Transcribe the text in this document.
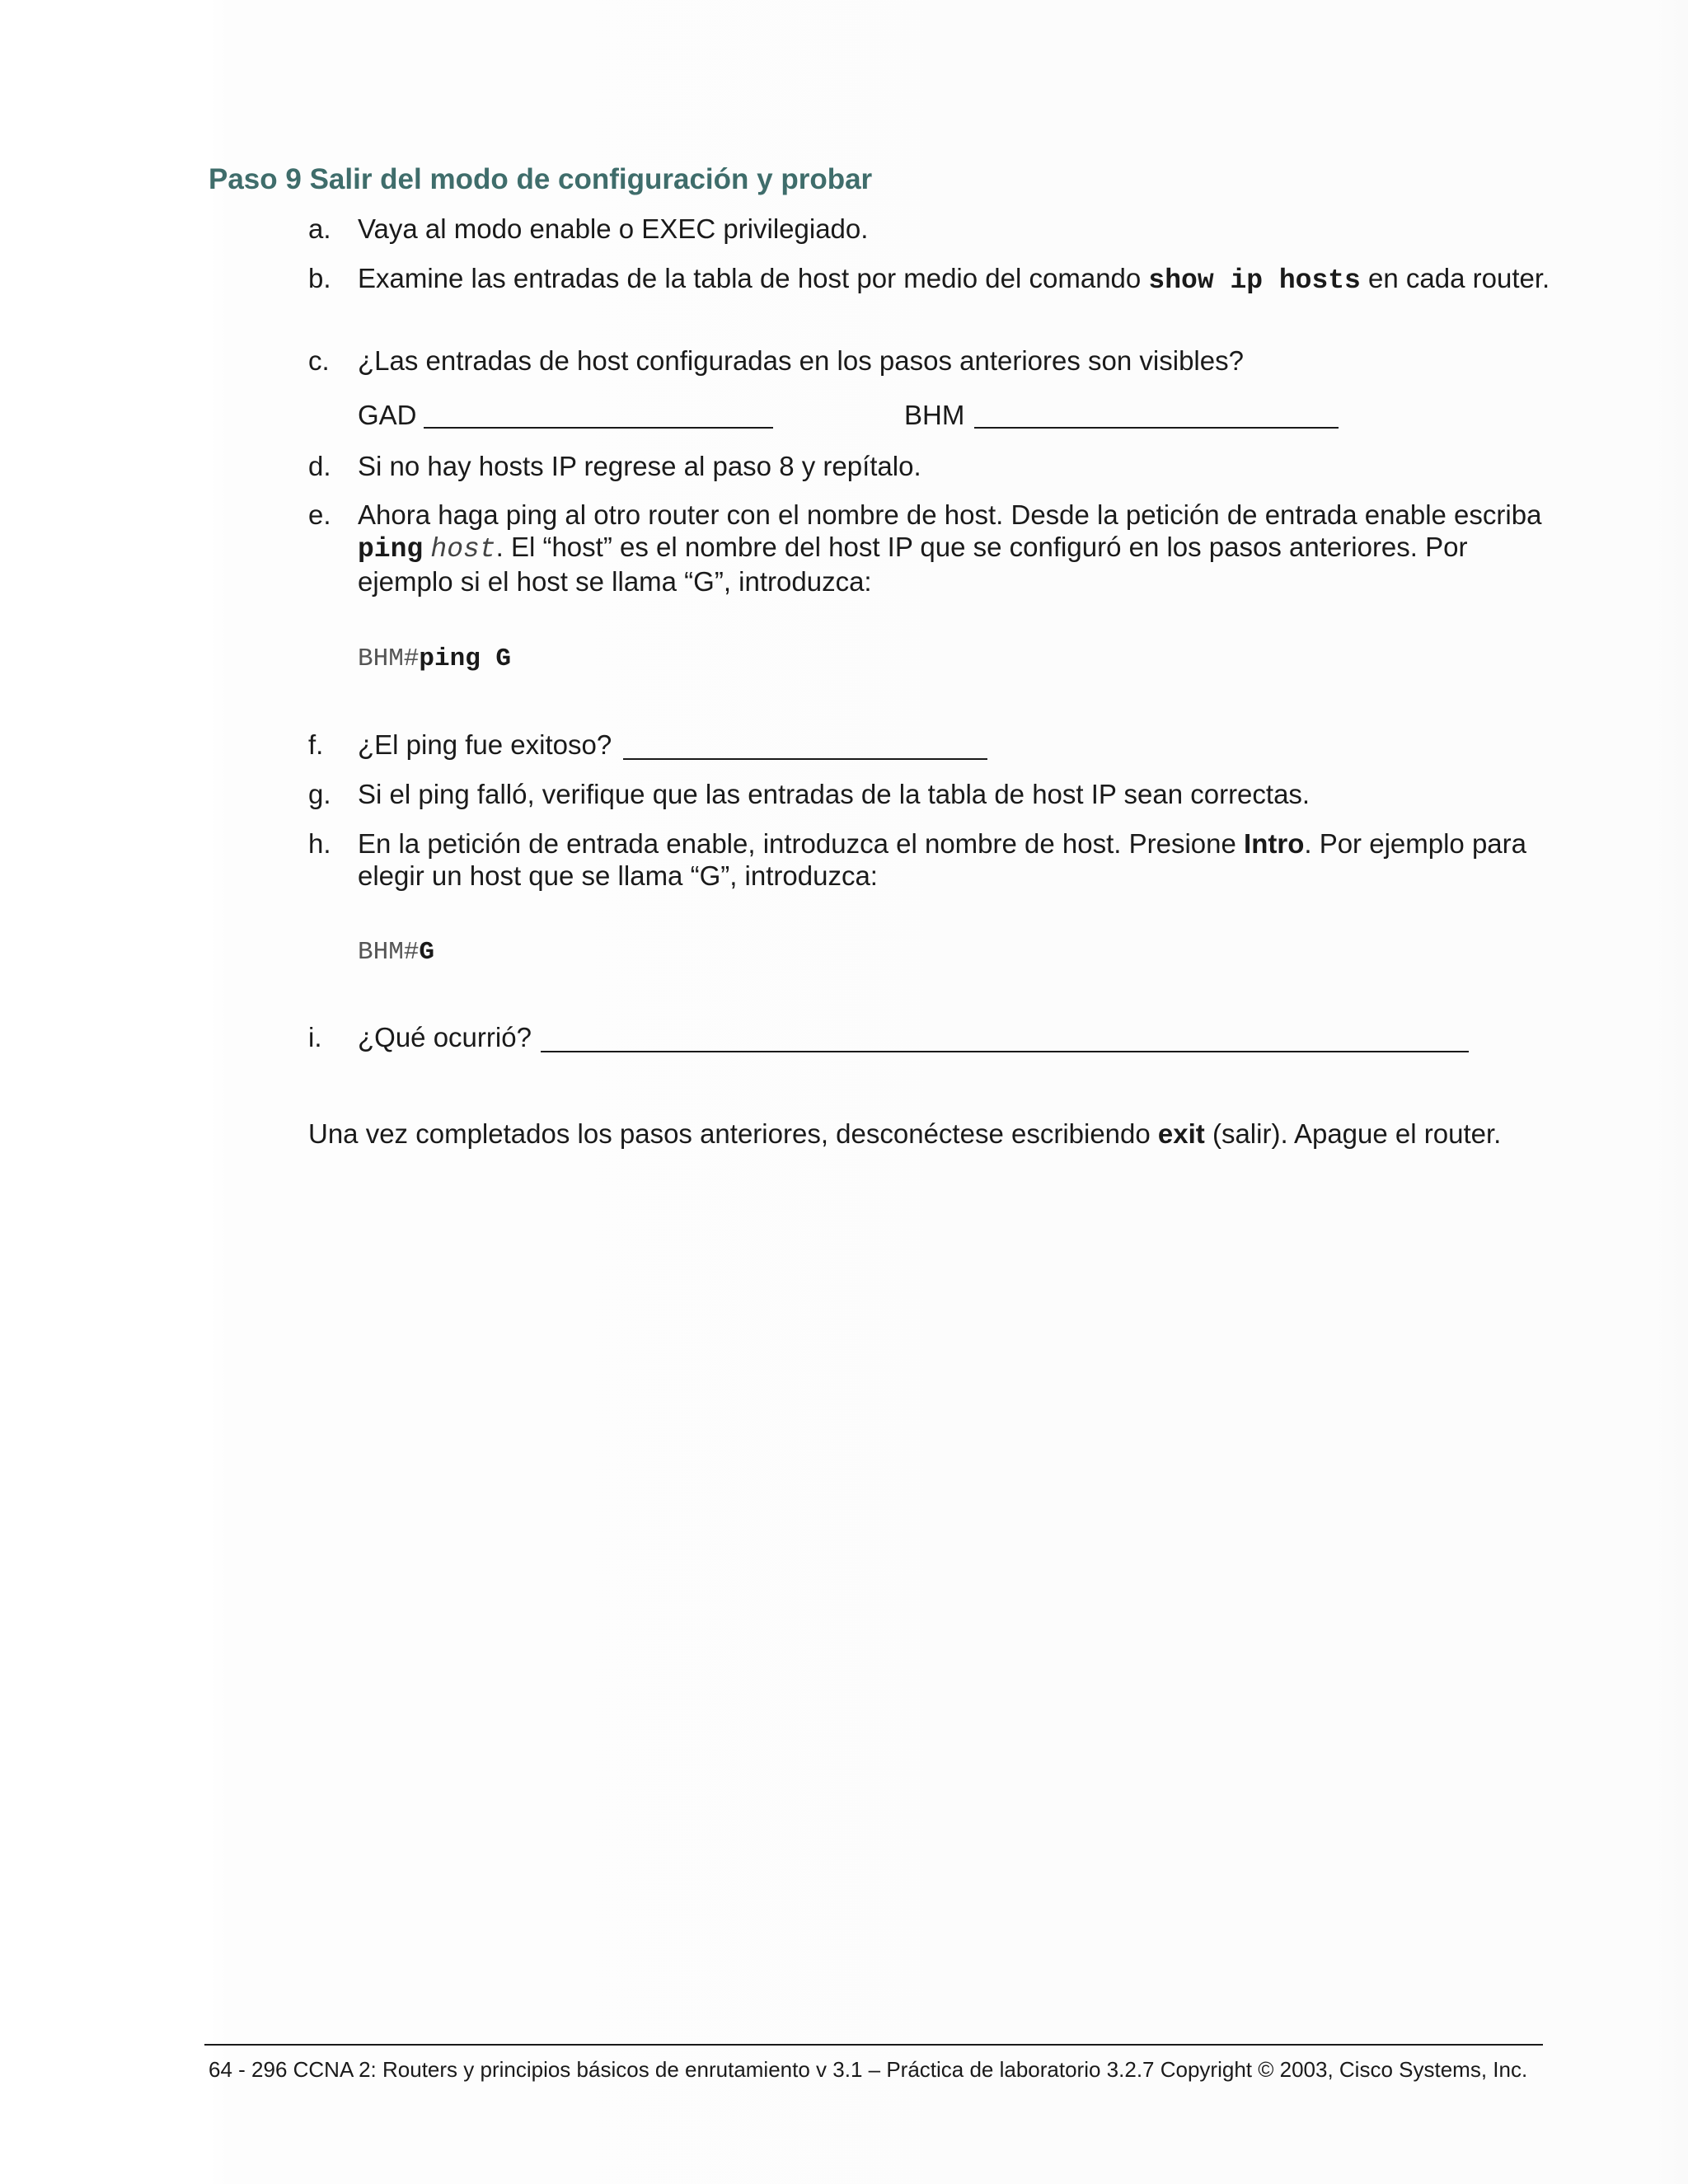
Paso 9 Salir del modo de configuración y probar
a. Vaya al modo enable o EXEC privilegiado.
b. Examine las entradas de la tabla de host por medio del comando show ip hosts en cada router.
c.	¿Las entradas de host configuradas en los pasos anteriores son visibles?
GAD	BHM
d. Si no hay hosts IP regrese al paso 8 y repítalo.
e. Ahora haga ping al otro router con el nombre de host. Desde la petición de entrada enable escriba ping host. El “host” es el nombre del host IP que se configuró en los pasos anteriores. Por ejemplo si el host se llama “G”, introduzca:
BHM#ping G
f.	¿El ping fue exitoso?
g. Si el ping falló, verifique que las entradas de la tabla de host IP sean correctas.
h. En la petición de entrada enable, introduzca el nombre de host. Presione Intro. Por ejemplo para elegir un host que se llama “G”, introduzca:
BHM#G
i.	¿Qué ocurrió?
Una vez completados los pasos anteriores, desconéctese escribiendo exit (salir). Apague el router.
64 - 296 CCNA 2: Routers y principios básicos de enrutamiento v 3.1 – Práctica de laboratorio 3.2.7 Copyright © 2003, Cisco Systems, Inc.
